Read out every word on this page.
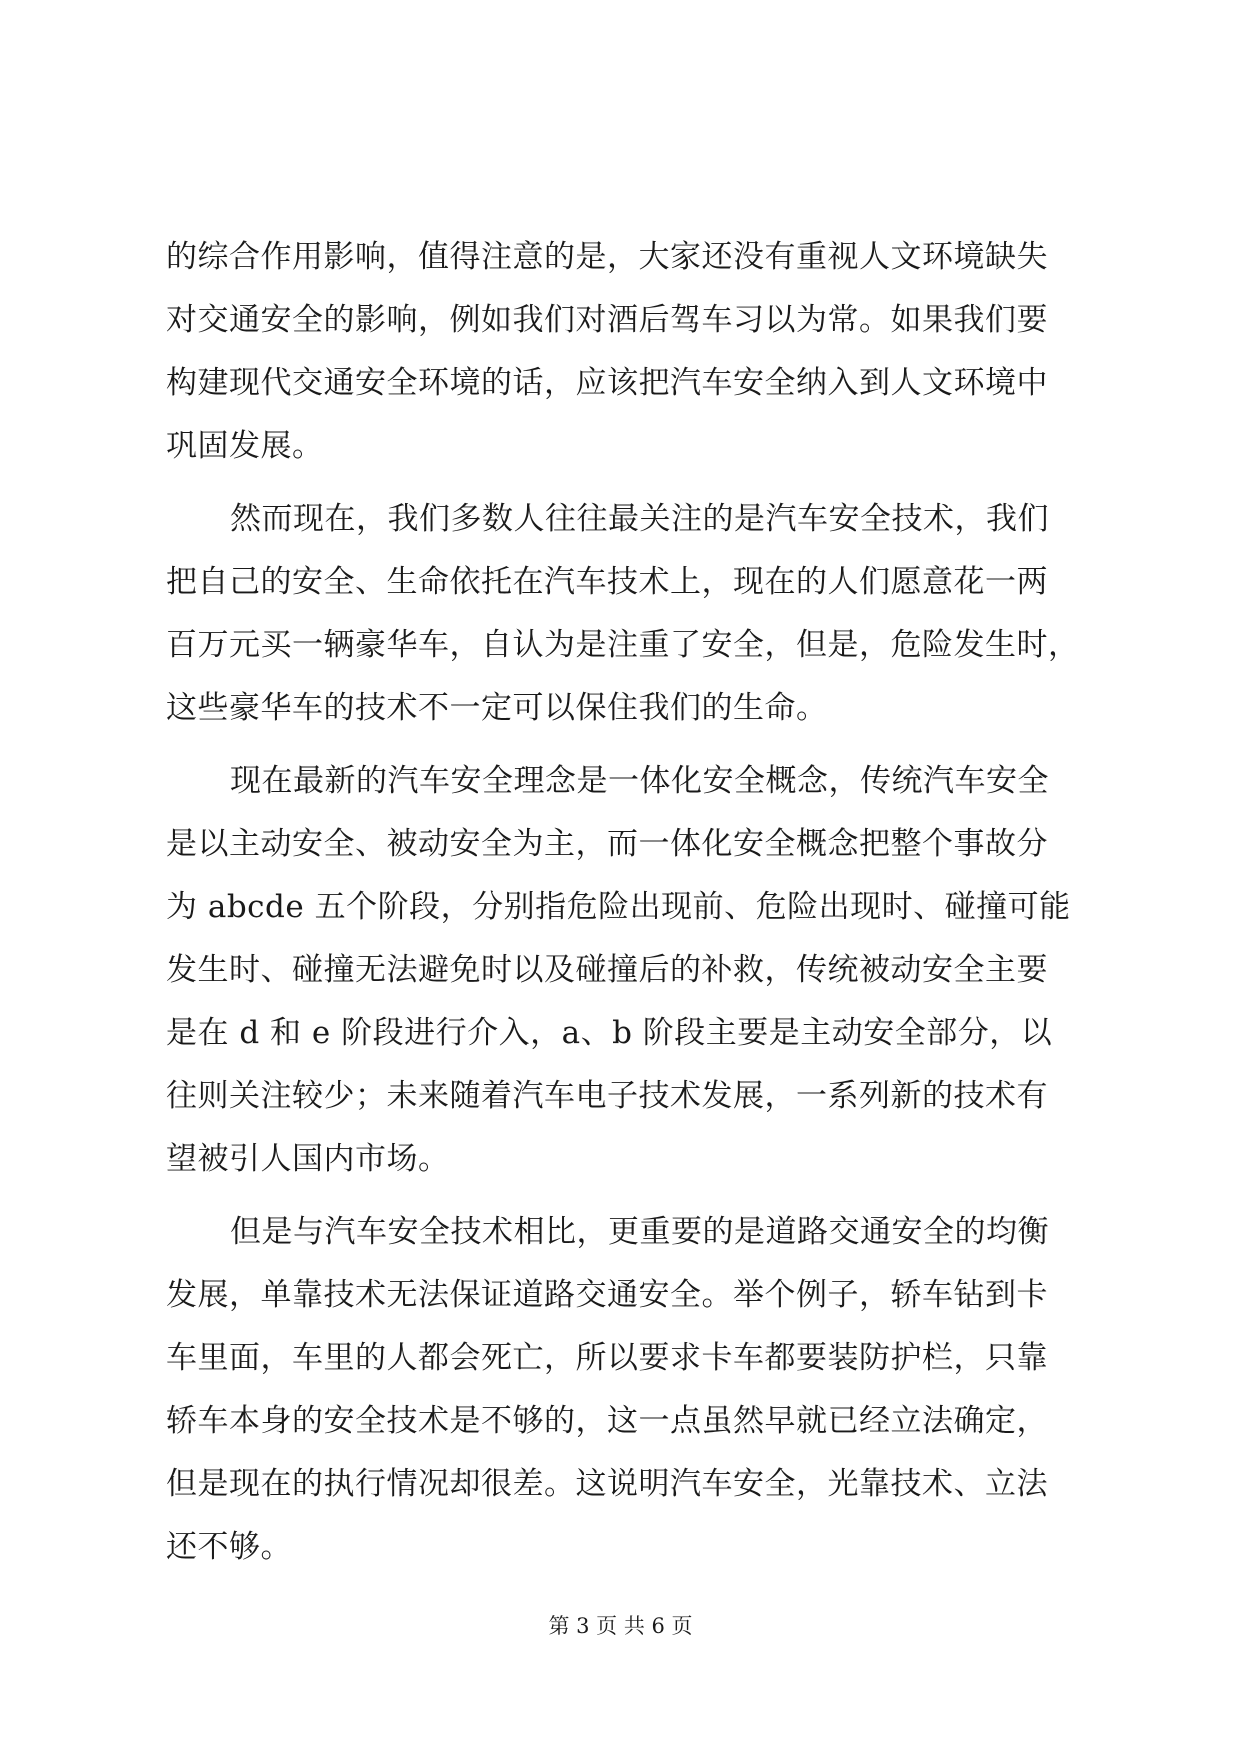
的综合作用影响，值得注意的是，大家还没有重视人文环境缺失
对交通安全的影响，例如我们对酒后驾车习以为常。如果我们要
构建现代交通安全环境的话，应该把汽车安全纳入到人文环境中
巩固发展。
然而现在，我们多数人往往最关注的是汽车安全技术，我们
把自己的安全、生命依托在汽车技术上，现在的人们愿意花一两
百万元买一辆豪华车，自认为是注重了安全，但是，危险发生时，
这些豪华车的技术不一定可以保住我们的生命。
现在最新的汽车安全理念是一体化安全概念，传统汽车安全
是以主动安全、被动安全为主，而一体化安全概念把整个事故分
为 abcde 五个阶段，分别指危险出现前、危险出现时、碰撞可能
发生时、碰撞无法避免时以及碰撞后的补救，传统被动安全主要
是在 d 和 e 阶段进行介入，a、b 阶段主要是主动安全部分，以
往则关注较少；未来随着汽车电子技术发展，一系列新的技术有
望被引人国内市场。
但是与汽车安全技术相比，更重要的是道路交通安全的均衡
发展，单靠技术无法保证道路交通安全。举个例子，轿车钻到卡
车里面，车里的人都会死亡，所以要求卡车都要装防护栏，只靠
轿车本身的安全技术是不够的，这一点虽然早就已经立法确定，
但是现在的执行情况却很差。这说明汽车安全，光靠技术、立法
还不够。
第 3 页 共 6 页
